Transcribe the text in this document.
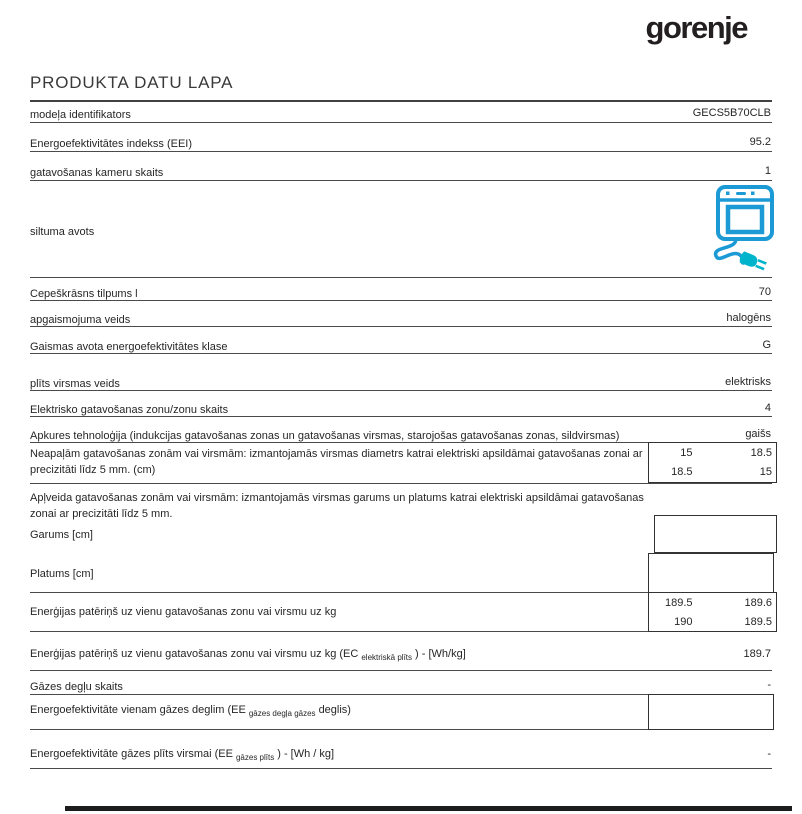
gorenje
PRODUKTA DATU LAPA
modeļa identifikators	GECS5B70CLB
Energoefektivitātes indekss (EEI)	95.2
gatavošanas kameru skaits	1
siltuma avots
Cepeškrāsns tilpums l	70
apgaismojuma veids	halogēns
Gaismas avota energoefektivitātes klase	G
plīts virsmas veids	elektrisks
Elektrisko gatavošanas zonu/zonu skaits	4
Apkures tehnoloģija (indukcijas gatavošanas zonas un gatavošanas virsmas, starojošas gatavošanas zonas, sildvirsmas)	gaišs
Neapaļām gatavošanas zonām vai virsmām: izmantojamās virsmas diametrs katrai elektriski apsildāmai gatavošanas zonai ar precizitāti līdz 5 mm. (cm)
15	18.5
18.5	15
Apļveida gatavošanas zonām vai virsmām: izmantojamās virsmas garums un platums katrai elektriski apsildāmai gatavošanas zonai ar precizitāti līdz 5 mm.
Garums [cm]
Platums [cm]
Enerģijas patēriņš uz vienu gatavošanas zonu vai virsmu uz kg
189.5	189.6
190	189.5
Enerģijas patēriņš uz vienu gatavošanas zonu vai virsmu uz kg (EC $_{elektriskā plīts}$ ) - [Wh/kg]	189.7
Gāzes degļu skaits	-
Energoefektivitāte vienam gāzes deglim (EE $_{gāzes degļa gāzes}$ deglis)
Energoefektivitāte gāzes plīts virsmai (EE $_{gāzes plīts}$ ) - [Wh / kg]	-
